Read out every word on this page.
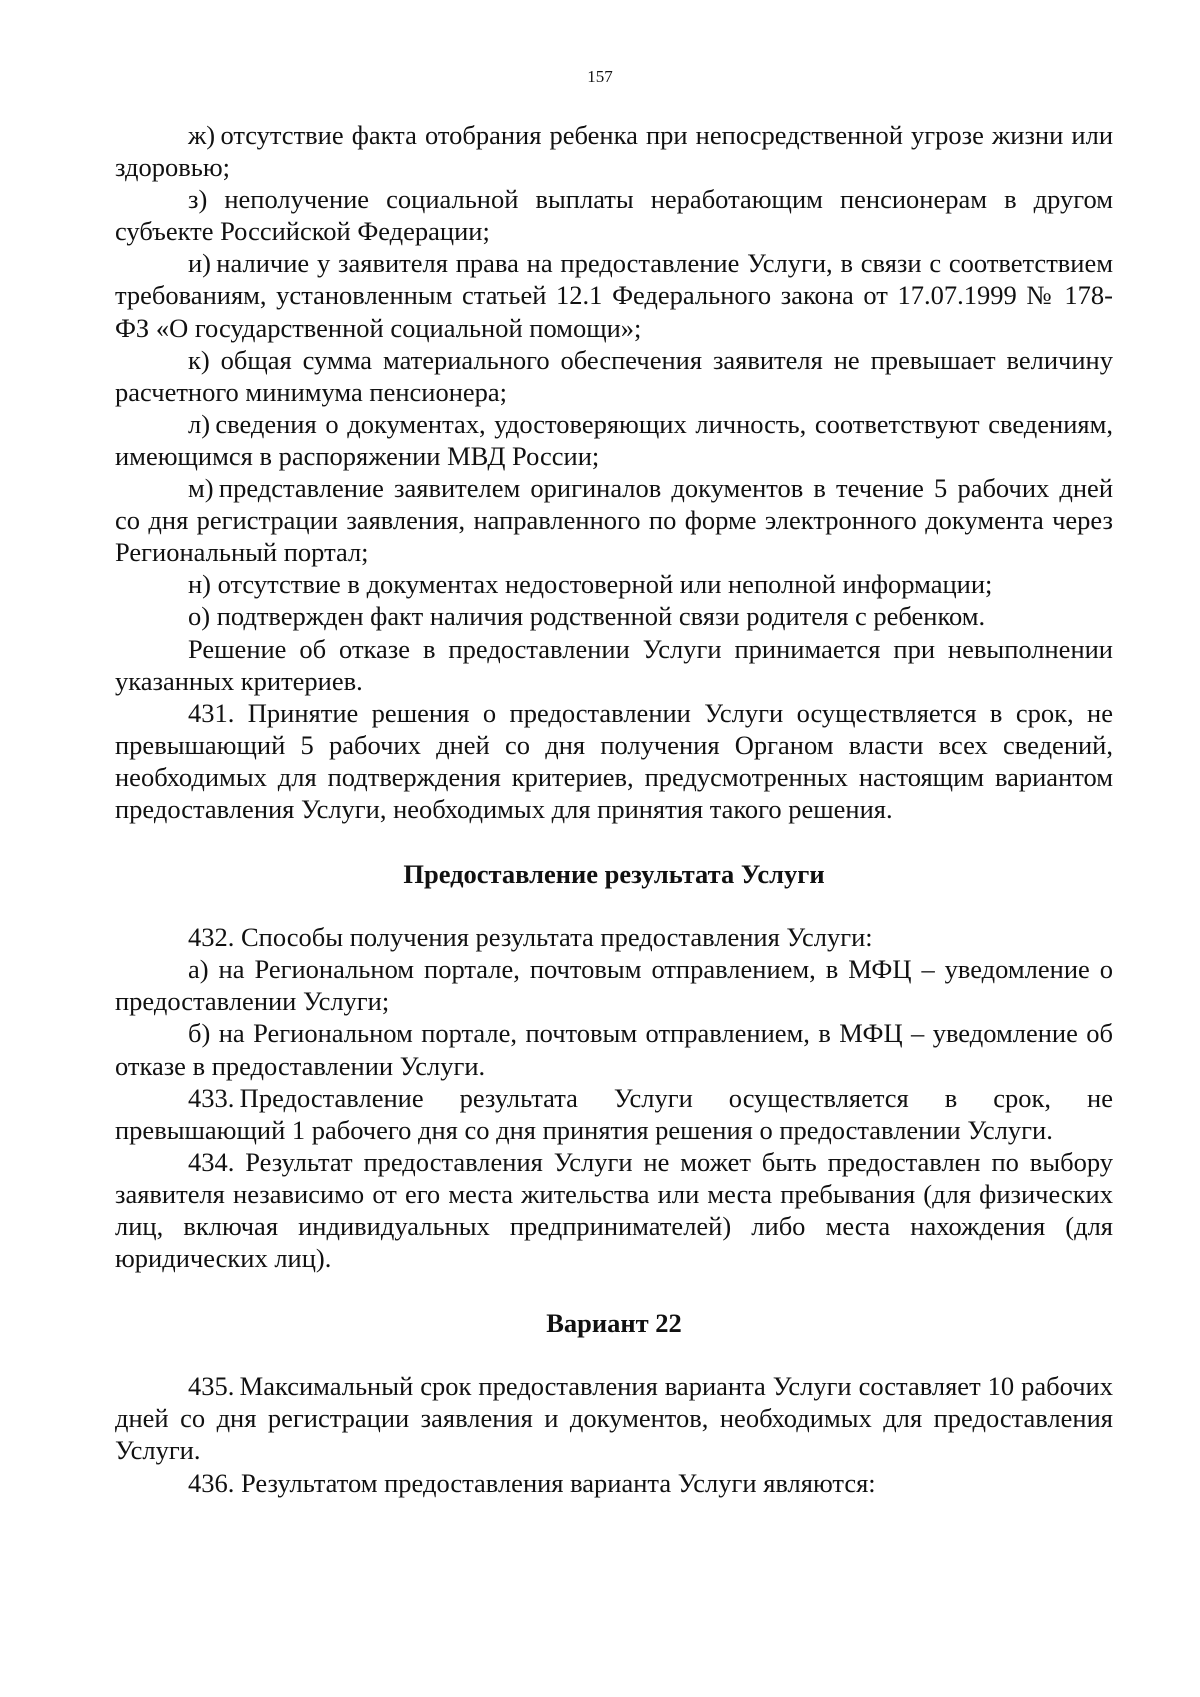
157

ж) отсутствие факта отобрания ребенка при непосредственной угрозе жизни или здоровью;

з) неполучение социальной выплаты неработающим пенсионерам в другом субъекте Российской Федерации;

и) наличие у заявителя права на предоставление Услуги, в связи с соответствием требованиям, установленным статьей 12.1 Федерального закона от 17.07.1999 № 178-ФЗ «О государственной социальной помощи»;

к) общая сумма материального обеспечения заявителя не превышает величину расчетного минимума пенсионера;

л) сведения о документах, удостоверяющих личность, соответствуют сведениям, имеющимся в распоряжении МВД России;

м) представление заявителем оригиналов документов в течение 5 рабочих дней со дня регистрации заявления, направленного по форме электронного документа через Региональный портал;

н) отсутствие в документах недостоверной или неполной информации;

о) подтвержден факт наличия родственной связи родителя с ребенком.

Решение об отказе в предоставлении Услуги принимается при невыполнении указанных критериев.

431. Принятие решения о предоставлении Услуги осуществляется в срок, не превышающий 5 рабочих дней со дня получения Органом власти всех сведений, необходимых для подтверждения критериев, предусмотренных настоящим вариантом предоставления Услуги, необходимых для принятия такого решения.

Предоставление результата Услуги

432. Способы получения результата предоставления Услуги:

а) на Региональном портале, почтовым отправлением, в МФЦ – уведомление о предоставлении Услуги;

б) на Региональном портале, почтовым отправлением, в МФЦ – уведомление об отказе в предоставлении Услуги.

433. Предоставление результата Услуги осуществляется в срок, не превышающий 1 рабочего дня со дня принятия решения о предоставлении Услуги.

434. Результат предоставления Услуги не может быть предоставлен по выбору заявителя независимо от его места жительства или места пребывания (для физических лиц, включая индивидуальных предпринимателей) либо места нахождения (для юридических лиц).

Вариант 22

435. Максимальный срок предоставления варианта Услуги составляет 10 рабочих дней со дня регистрации заявления и документов, необходимых для предоставления Услуги.

436. Результатом предоставления варианта Услуги являются:
